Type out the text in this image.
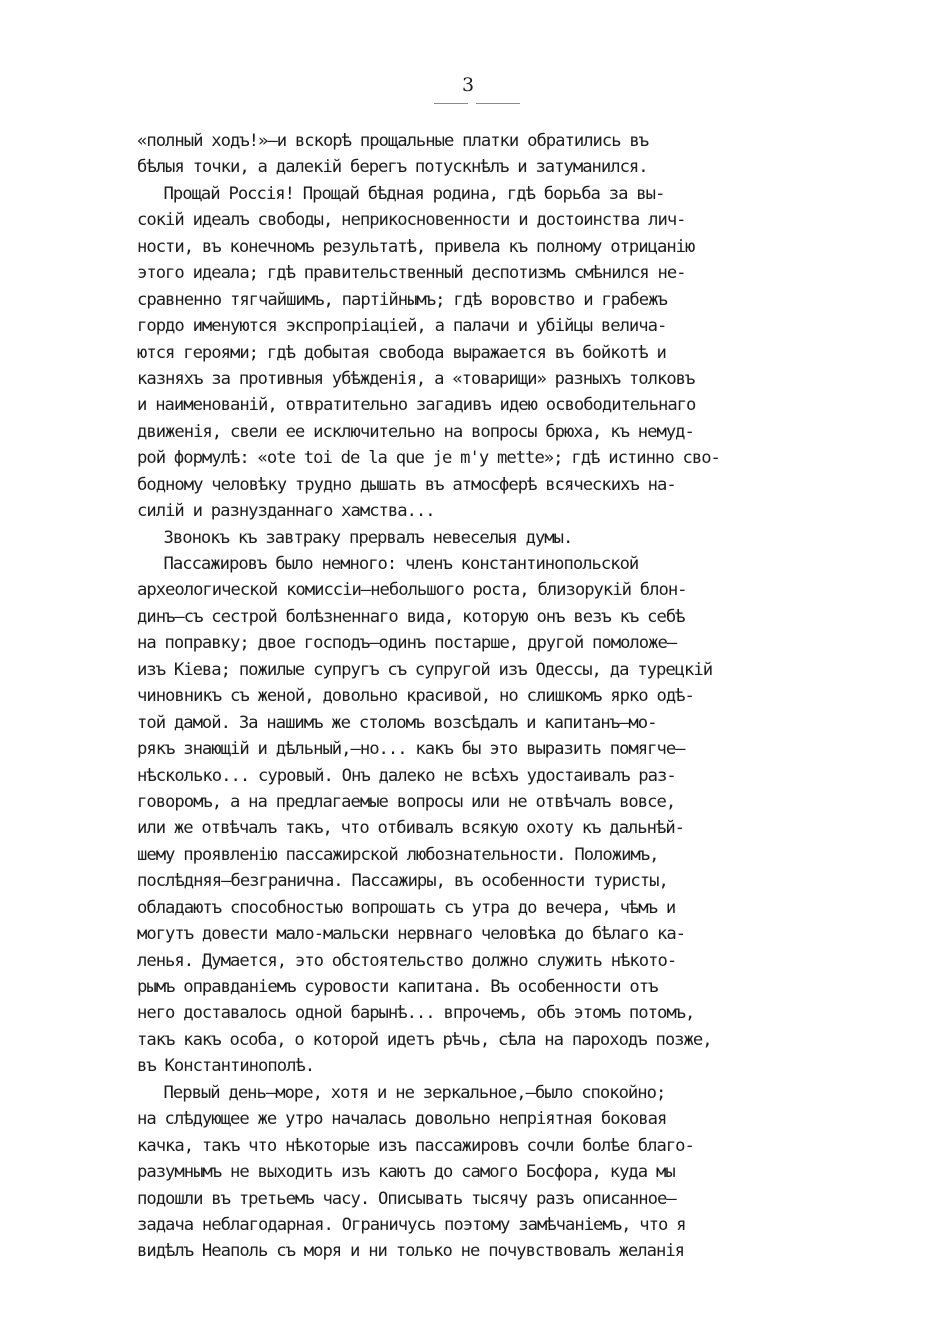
3
«полный ходъ!»—и вскорѣ прощальные платки обратились въ
бѣлыя точки, а далекій берегъ потускнѣлъ и затуманился.
Прощай Россія! Прощай бѣдная родина, гдѣ борьба за вы-
сокій идеалъ свободы, неприкосновенности и достоинства лич-
ности, въ конечномъ результатѣ, привела къ полному отрицанію
этого идеала; гдѣ правительственный деспотизмъ смѣнился не-
сравненно тягчайшимъ, партійнымъ; гдѣ воровство и грабежъ
гордо именуются экспропріаціей, а палачи и убійцы велича-
ются героями; гдѣ добытая свобода выражается въ бойкотѣ и
казняхъ за противныя убѣжденія, а «товарищи» разныхъ толковъ
и наименованій, отвратительно загадивъ идею освободительнаго
движенія, свели ее исключительно на вопросы брюха, къ немуд-
рой формулѣ: «ote toi de la que je m'y mette»; гдѣ истинно сво-
бодному человѣку трудно дышать въ атмосферѣ всяческихъ на-
силій и разнузданнаго хамства...
Звонокъ къ завтраку прервалъ невеселыя думы.
Пассажировъ было немного: членъ константинопольской
археологической комиссіи—небольшого роста, близорукій блон-
динъ—съ сестрой болѣзненнаго вида, которую онъ везъ къ себѣ
на поправку; двое господъ—одинъ постарше, другой помоложе—
изъ Кіева; пожилые супругъ съ супругой изъ Одессы, да турецкій
чиновникъ съ женой, довольно красивой, но слишкомъ ярко одѣ-
той дамой. За нашимъ же столомъ возсѣдалъ и капитанъ—мо-
рякъ знающій и дѣльный,—но... какъ бы это выразить помягче—
нѣсколько... суровый. Онъ далеко не всѣхъ удостаивалъ раз-
говоромъ, а на предлагаемые вопросы или не отвѣчалъ вовсе,
или же отвѣчалъ такъ, что отбивалъ всякую охоту къ дальнѣй-
шему проявленію пассажирской любознательности. Положимъ,
послѣдняя—безгранична. Пассажиры, въ особенности туристы,
обладаютъ способностью вопрошать съ утра до вечера, чѣмъ и
могутъ довести мало-мальски нервнаго человѣка до бѣлаго ка-
ленья. Думается, это обстоятельство должно служить нѣкото-
рымъ оправданіемъ суровости капитана. Въ особенности отъ
него доставалось одной барынѣ... впрочемъ, объ этомъ потомъ,
такъ какъ особа, о которой идетъ рѣчь, сѣла на пароходъ позже,
въ Константинополѣ.
Первый день—море, хотя и не зеркальное,—было спокойно;
на слѣдующее же утро началась довольно непріятная боковая
качка, такъ что нѣкоторые изъ пассажировъ сочли болѣе благо-
разумнымъ не выходить изъ каютъ до самого Босфора, куда мы
подошли въ третьемъ часу. Описывать тысячу разъ описанное—
задача неблагодарная. Ограничусь поэтому замѣчаніемъ, что я
видѣлъ Неаполь съ моря и ни только не почувствовалъ желанія
